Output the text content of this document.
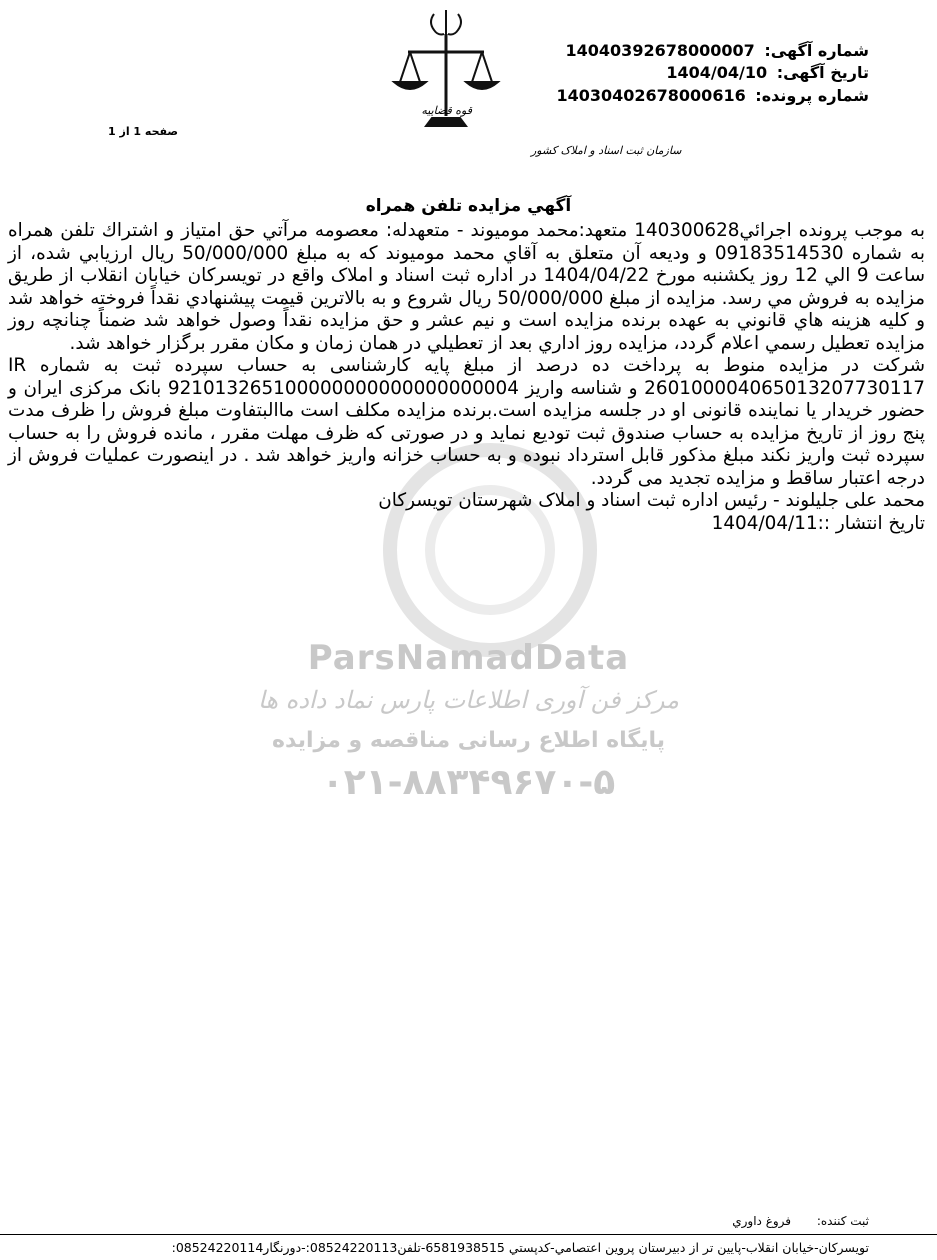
شماره آگهی: 14040392678000007
تاریخ آگهی: 1404/04/10
شماره پرونده: 14030402678000616
صفحه 1 از 1
قوه قضاییه
سازمان ثبت اسناد و املاک کشور
ParsNamadData
مرکز فن آوری اطلاعات پارس نماد داده ها
پایگاه اطلاع رسانی مناقصه و مزایده
۰۲۱-۸۸۳۴۹۶۷۰-۵
آگهي مزايده تلفن همراه

به موجب پرونده اجرائي140300628 متعهد:محمد موميوند - متعهدله: معصومه مرآتي حق امتياز و اشتراك تلفن همراه به شماره 09183514530 و وديعه آن متعلق به آقاي محمد موميوند كه به مبلغ 50/000/000 ريال ارزيابي شده، از ساعت 9 الي 12 روز يكشنبه مورخ 1404/04/22 در اداره ثبت اسناد و املاک واقع در تويسركان خيابان انقلاب از طريق مزايده به فروش مي رسد. مزايده از مبلغ 50/000/000 ريال شروع و به بالاترين قيمت پيشنهادي نقداً فروخته خواهد شد و كليه هزينه هاي قانوني به عهده برنده مزايده است و نيم عشر و حق مزايده نقداً وصول خواهد شد ضمناً چنانچه روز مزايده تعطيل رسمي اعلام گردد، مزايده روز اداري بعد از تعطيلي در همان زمان و مكان مقرر برگزار خواهد شد.

شرکت در مزایده منوط به پرداخت ده درصد از مبلغ پایه کارشناسی به حساب سپرده ثبت به شماره IR 260100004065013207730117 و شناسه واریز 921013265100000000000000000004 بانک مرکزی ایران و حضور خریدار یا نماینده قانونی او در جلسه مزایده است.برنده مزایده مکلف است ماالبتفاوت مبلغ فروش را ظرف مدت پنج روز از تاریخ مزایده به حساب صندوق ثبت تودیع نماید و در صورتی که ظرف مهلت مقرر ، مانده فروش را به حساب سپرده ثبت واریز نکند مبلغ مذکور قابل استرداد نبوده و به حساب خزانه واریز خواهد شد . در اینصورت عملیات فروش از درجه اعتبار ساقط و مزایده تجدید می گردد.

محمد علی جلیلوند - رئیس اداره ثبت اسناد و املاک شهرستان تویسرکان

تاریخ انتشار :1404/04/11:

ثبت كننده: فروغ داوري
تويسركان-خيابان انقلاب-پايين تر از دبيرستان پروين اعتصامي-كدپستي 6581938515-تلفن08524220113:-دورنگار08524220114:
